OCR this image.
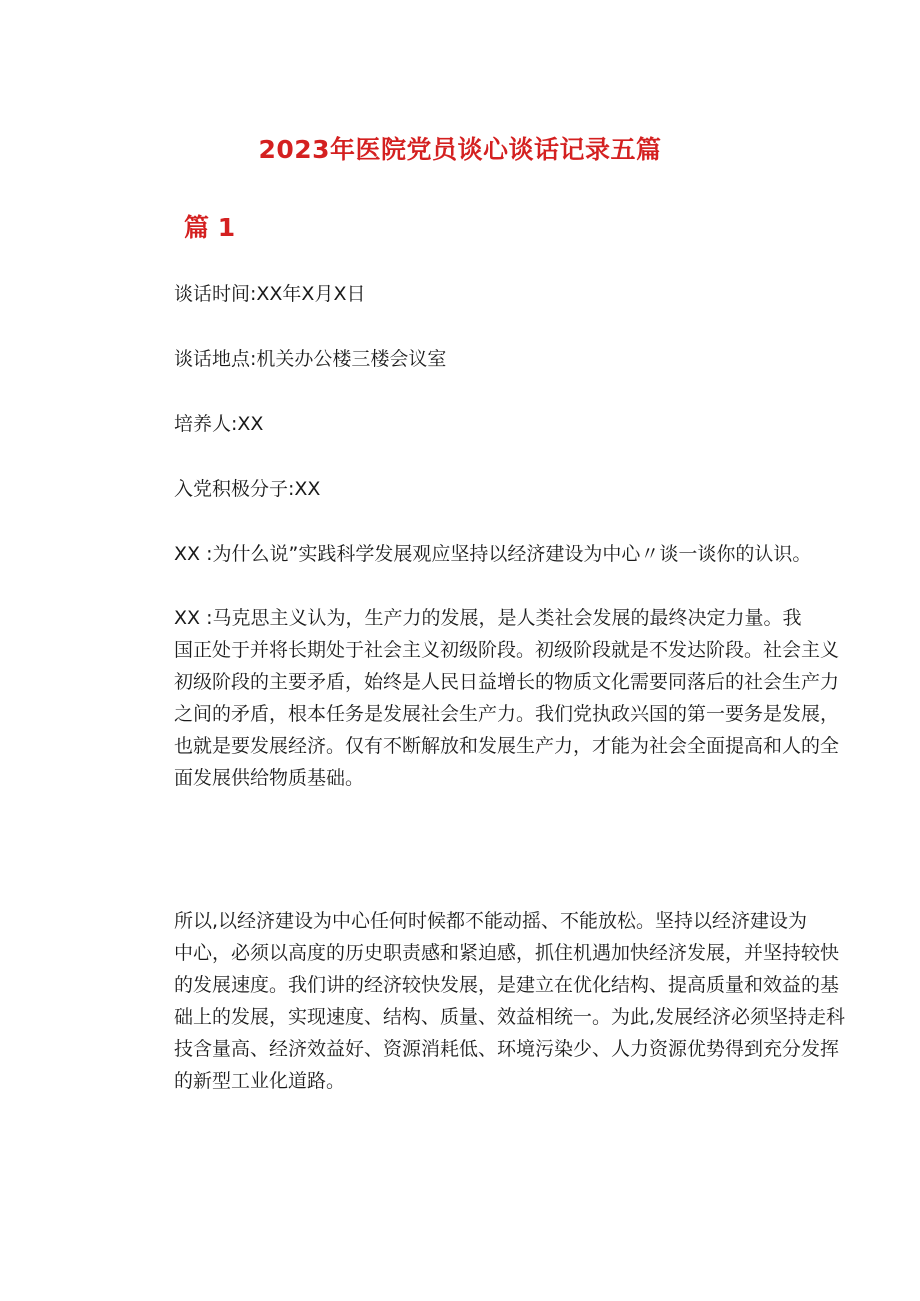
2023年医院党员谈心谈话记录五篇
篇 1

谈话时间:XX年X月X日

谈话地点:机关办公楼三楼会议室

培养人:XX

入党积极分子:XX

XX :为什么说”实践科学发展观应坚持以经济建设为中心〃谈一谈你的认识。

XX :马克思主义认为，生产力的发展，是人类社会发展的最终决定力量。我
国正处于并将长期处于社会主义初级阶段。初级阶段就是不发达阶段。社会主义
初级阶段的主要矛盾，始终是人民日益增长的物质文化需要同落后的社会生产力
之间的矛盾，根本任务是发展社会生产力。我们党执政兴国的第一要务是发展，
也就是要发展经济。仅有不断解放和发展生产力，才能为社会全面提高和人的全
面发展供给物质基础。
所以,以经济建设为中心任何时候都不能动摇、不能放松。坚持以经济建设为
中心，必须以高度的历史职责感和紧迫感，抓住机遇加快经济发展，并坚持较快
的发展速度。我们讲的经济较快发展，是建立在优化结构、提高质量和效益的基
础上的发展，实现速度、结构、质量、效益相统一。为此,发展经济必须坚持走科
技含量高、经济效益好、资源消耗低、环境污染少、人力资源优势得到充分发挥
的新型工业化道路。
